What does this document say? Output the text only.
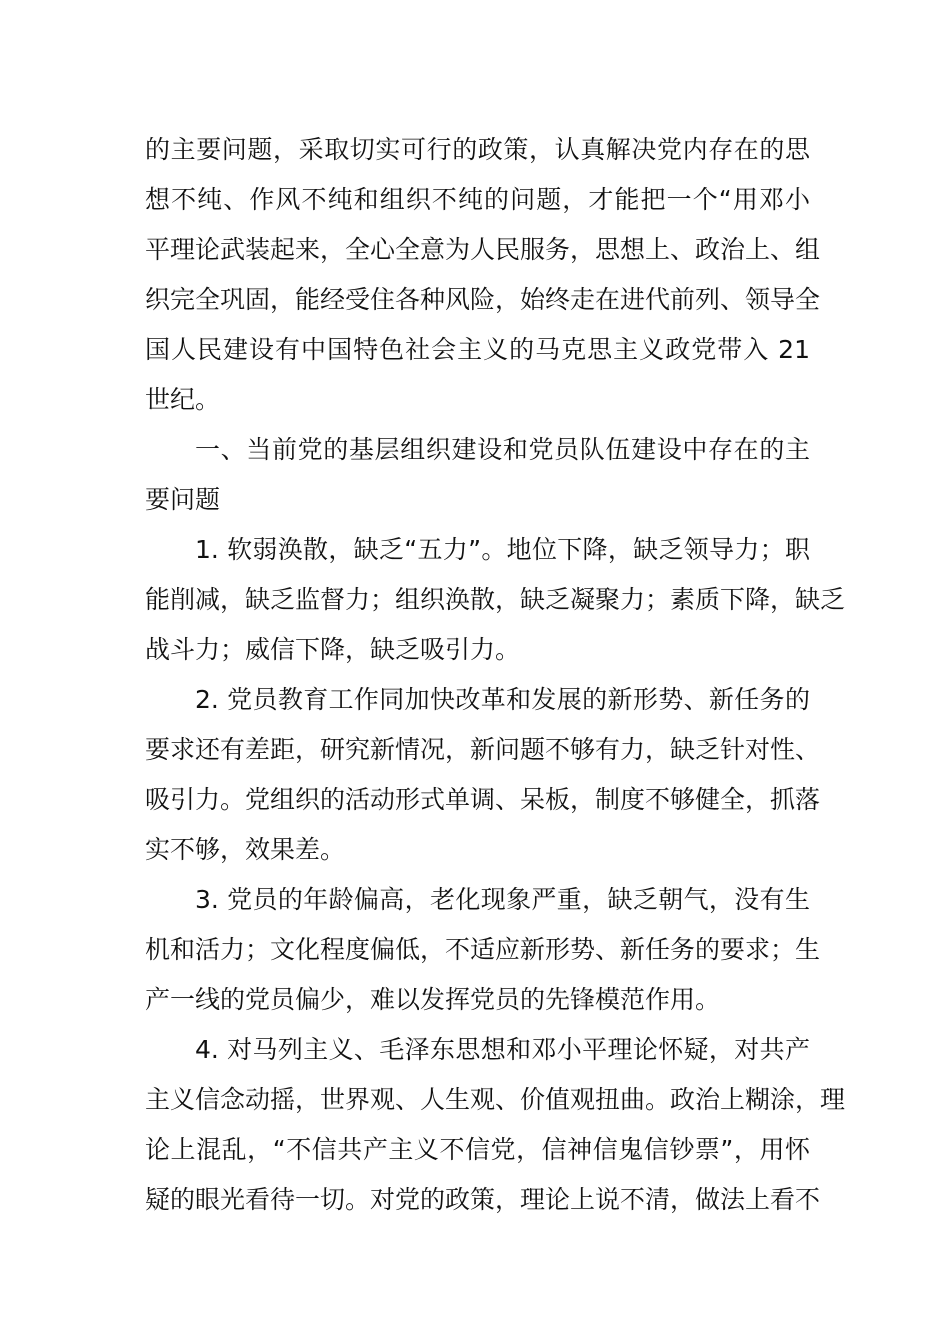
的主要问题，采取切实可行的政策，认真解决党内存在的思
想不纯、作风不纯和组织不纯的问题，才能把一个“用邓小
平理论武装起来，全心全意为人民服务，思想上、政治上、组
织完全巩固，能经受住各种风险，始终走在进代前列、领导全
国人民建设有中国特色社会主义的马克思主义政党带入 21
世纪。
一、当前党的基层组织建设和党员队伍建设中存在的主
要问题
1. 软弱涣散，缺乏“五力”。地位下降，缺乏领导力；职
能削减，缺乏监督力；组织涣散，缺乏凝聚力；素质下降，缺乏
战斗力；威信下降，缺乏吸引力。
2. 党员教育工作同加快改革和发展的新形势、新任务的
要求还有差距，研究新情况，新问题不够有力，缺乏针对性、
吸引力。党组织的活动形式单调、呆板，制度不够健全，抓落
实不够，效果差。
3. 党员的年龄偏高，老化现象严重，缺乏朝气，没有生
机和活力；文化程度偏低，不适应新形势、新任务的要求；生
产一线的党员偏少，难以发挥党员的先锋模范作用。
4. 对马列主义、毛泽东思想和邓小平理论怀疑，对共产
主义信念动摇，世界观、人生观、价值观扭曲。政治上糊涂，理
论上混乱，“不信共产主义不信党，信神信鬼信钞票”，用怀
疑的眼光看待一切。对党的政策，理论上说不清，做法上看不
